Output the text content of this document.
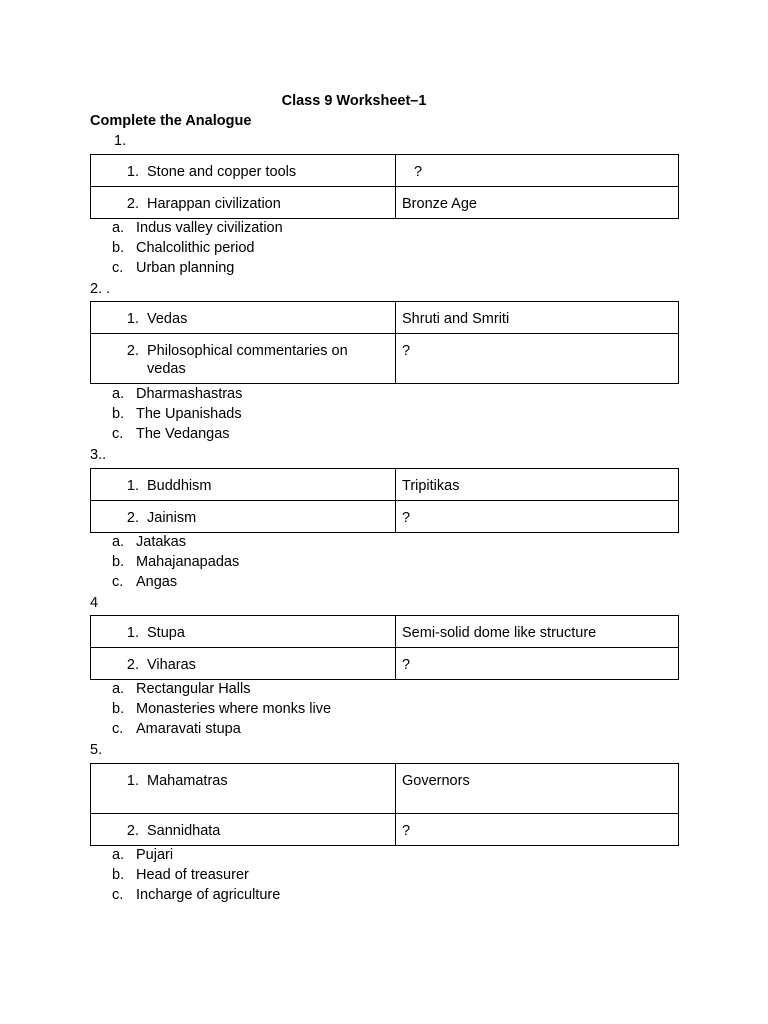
Class 9 Worksheet–1
Complete the Analogue
1.
1. Stone and copper tools	?
2. Harappan civilization	Bronze Age
a. Indus valley civilization
b. Chalcolithic period
c. Urban planning
2. .
1. Vedas	Shruti and Smriti
2. Philosophical commentaries on vedas	?
a. Dharmashastras
b. The Upanishads
c. The Vedangas
3..
1. Buddhism	Tripitikas
2. Jainism	?
a. Jatakas
b. Mahajanapadas
c. Angas
4
1. Stupa	Semi-solid dome like structure
2. Viharas	?
a. Rectangular Halls
b. Monasteries where monks live
c. Amaravati stupa
5.
1. Mahamatras	Governors
2. Sannidhata	?
a. Pujari
b. Head of treasurer
c. Incharge of agriculture
